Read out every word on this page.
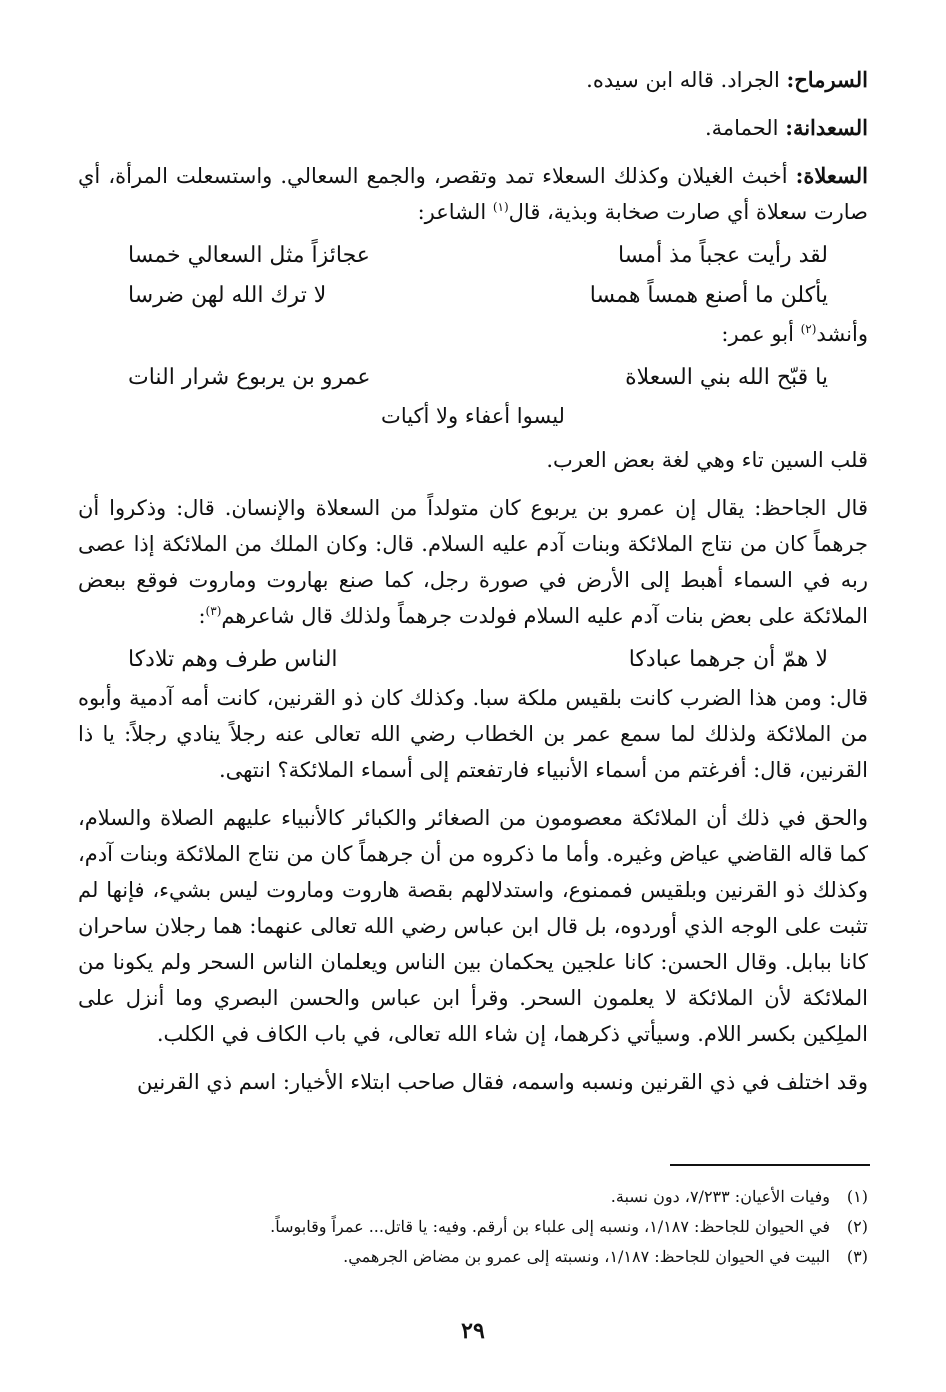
السرماح: الجراد. قاله ابن سيده.

السعدانة: الحمامة.

السعلاة: أخبث الغيلان وكذلك السعلاء تمد وتقصر، والجمع السعالي. واستسعلت المرأة، أي صارت سعلاة أي صارت صخابة وبذية، قال$^{(١)}$ الشاعر:

لقد رأيت عجباً مذ أمسا
عجائزاً مثل السعالي خمسا
يأكلن ما أصنع همساً همسا
لا ترك الله لهن ضرسا

وأنشد$^{(٢)}$ أبو عمر:

يا قبّح الله بني السعلاة
عمرو بن يربوع شرار النات
ليسوا أعفاء ولا أكيات

قلب السين تاء وهي لغة بعض العرب.

قال الجاحظ: يقال إن عمرو بن يربوع كان متولداً من السعلاة والإنسان. قال: وذكروا أن جرهماً كان من نتاج الملائكة وبنات آدم عليه السلام. قال: وكان الملك من الملائكة إذا عصى ربه في السماء أهبط إلى الأرض في صورة رجل، كما صنع بهاروت وماروت فوقع ببعض الملائكة على بعض بنات آدم عليه السلام فولدت جرهماً ولذلك قال شاعرهم$^{(٣)}$:

لا همّ أن جرهما عبادكا
الناس طرف وهم تلادكا

قال: ومن هذا الضرب كانت بلقيس ملكة سبا. وكذلك كان ذو القرنين، كانت أمه آدمية وأبوه من الملائكة ولذلك لما سمع عمر بن الخطاب رضي الله تعالى عنه رجلاً ينادي رجلاً: يا ذا القرنين، قال: أفرغتم من أسماء الأنبياء فارتفعتم إلى أسماء الملائكة؟ انتهى.

والحق في ذلك أن الملائكة معصومون من الصغائر والكبائر كالأنبياء عليهم الصلاة والسلام، كما قاله القاضي عياض وغيره. وأما ما ذكروه من أن جرهماً كان من نتاج الملائكة وبنات آدم، وكذلك ذو القرنين وبلقيس فممنوع، واستدلالهم بقصة هاروت وماروت ليس بشيء، فإنها لم تثبت على الوجه الذي أوردوه، بل قال ابن عباس رضي الله تعالى عنهما: هما رجلان ساحران كانا ببابل. وقال الحسن: كانا علجين يحكمان بين الناس ويعلمان الناس السحر ولم يكونا من الملائكة لأن الملائكة لا يعلمون السحر. وقرأ ابن عباس والحسن البصري وما أنزل على الملِكين بكسر اللام. وسيأتي ذكرهما، إن شاء الله تعالى، في باب الكاف في الكلب.

وقد اختلف في ذي القرنين ونسبه واسمه، فقال صاحب ابتلاء الأخيار: اسم ذي القرنين

(١)
وفيات الأعيان: ٧/٢٣٣، دون نسبة.
(٢)
في الحيوان للجاحظ: ١/١٨٧، ونسبه إلى علباء بن أرقم. وفيه: يا قاتل... عمراً وقابوساً.
(٣)
البيت في الحيوان للجاحظ: ١/١٨٧، ونسبته إلى عمرو بن مضاض الجرهمي.
٢٩
